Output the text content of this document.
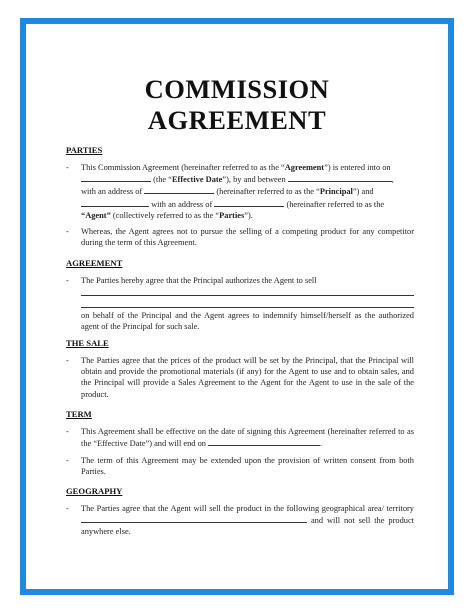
COMMISSION
AGREEMENT
PARTIES
- This Commission Agreement (hereinafter referred to as the “Agreement”) is entered into on
(the “Effective Date”), by and between	,
with an address of	(hereinafter referred to as the “Principal”) and
with an address of	(hereinafter referred to as the
“Agent” (collectively referred to as the “Parties”).
- Whereas, the Agent agrees not to pursue the selling of a competing product for any competitor during the term of this Agreement.
AGREEMENT
- The Parties hereby agree that the Principal authorizes the Agent to sell
on behalf of the Principal and the Agent agrees to indemnify himself/herself as the authorized agent of the Principal for such sale.
THE SALE
- The Parties agree that the prices of the product will be set by the Principal, that the Principal will obtain and provide the promotional materials (if any) for the Agent to use and to obtain sales, and the Principal will provide a Sales Agreement to the Agent for the Agent to use in the sale of the product.
TERM
- This Agreement shall be effective on the date of signing this Agreement (hereinafter referred to as the “Effective Date”) and will end on	.
- The term of this Agreement may be extended upon the provision of written consent from both Parties.
GEOGRAPHY
- The Parties agree that the Agent will sell the product in the following geographical area/ territory  and will not sell the product anywhere else.
